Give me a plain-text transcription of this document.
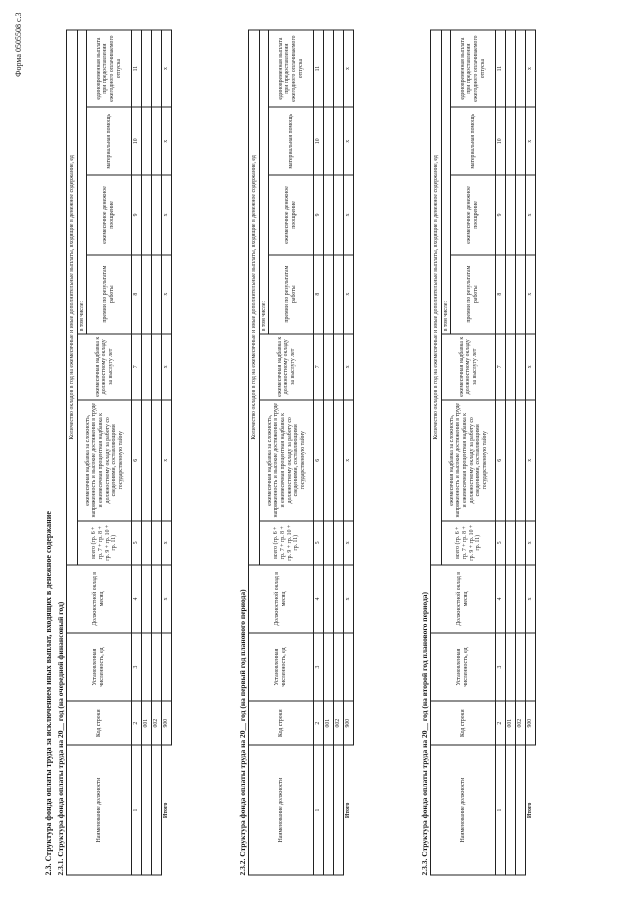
Форма 0505508 с.3
2.3. Структура фонда оплаты труда за исключением иных выплат, входящих в денежное содержание 2.3.1. Структура фонда оплаты труда на 20__ год (на очередной финансовый год)	Наименование должности	Код строки	Установленная численность, ед	Должностной оклад в месяц	Количество окладов в год на ежемесячные и иные дополнительные выплаты, входящие в денежное содержание, ед						
				всего (гр. 6 + гр. 7 + гр. 8 + гр. 9 + гр. 10 + гр. 11)	ежемесячная надбавка за сложность, напряженность и высокие достижения в труде и ежемесячная процентная надбавка к должностному окладу за работу со сведениями, составляющими государственную тайну	ежемесячная надбавка к должностному окладу за выслугу лет	в том числе:			
							премии по результатам работы	ежемесячное денежное поощрение	материальная помощь	единовременная выплата при предоставлении ежегодного оплачиваемого отпуска
1	2	3	4	5	6	7	8	9	10	11
	001									
	002									
Итого	900		x	x	x	x	x	x	x	x
2.3.2. Структура фонда оплаты труда на 20__ год (на первый год планового периода)	Наименование должности	Код строки	Установленная численность, ед	Должностной оклад в месяц	Количество окладов в год на ежемесячные и иные дополнительные выплаты, входящие в денежное содержание, ед						
				всего (гр. 6 + гр. 7 + гр. 8 + гр. 9 + гр. 10 + гр. 11)	ежемесячная надбавка за сложность, напряженность и высокие достижения в труде и ежемесячная процентная надбавка к должностному окладу за работу со сведениями, составляющими государственную тайну	ежемесячная надбавка к должностному окладу за выслугу лет	в том числе:			
							премии по результатам работы	ежемесячное денежное поощрение	материальная помощь	единовременная выплата при предоставлении ежегодного оплачиваемого отпуска
1	2	3	4	5	6	7	8	9	10	11
	001									
	002									
Итого	900		x	x	x	x	x	x	x	x
2.3.3. Структура фонда оплаты труда на 20__ год (на второй год планового периода)	Наименование должности	Код строки	Установленная численность, ед	Должностной оклад в месяц	Количество окладов в год на ежемесячные и иные дополнительные выплаты, входящие в денежное содержание, ед						
				всего (гр. 6 + гр. 7 + гр. 8 + гр. 9 + гр. 10 + гр. 11)	ежемесячная надбавка за сложность, напряженность и высокие достижения в труде и ежемесячная процентная надбавка к должностному окладу за работу со сведениями, составляющими государственную тайну	ежемесячная надбавка к должностному окладу за выслугу лет	в том числе:			
							премии по результатам работы	ежемесячное денежное поощрение	материальная помощь	единовременная выплата при предоставлении ежегодного оплачиваемого отпуска
1	2	3	4	5	6	7	8	9	10	11
	001									
	002									
Итого	900		x	x	x	x	x	x	x	x
